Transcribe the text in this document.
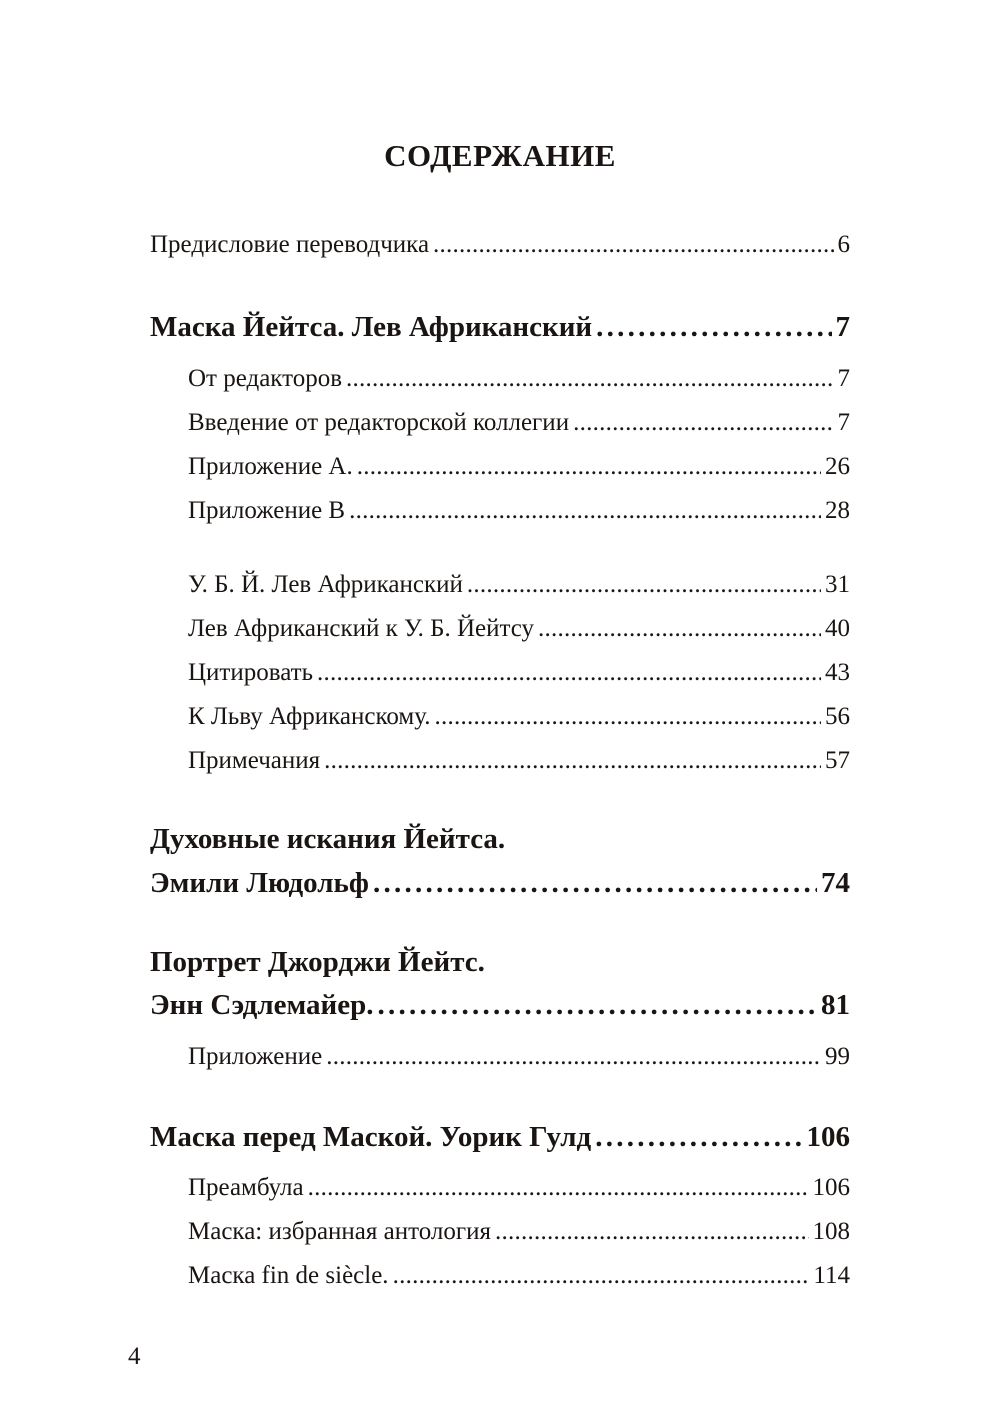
СОДЕРЖАНИЕ
Предисловие переводчика . . .	6
Маска Йейтса. Лев Африканский . . .	7
От редакторов . . .	7
Введение от редакторской коллегии . . .	7
Приложение A. . . .	26
Приложение B . . .	28
У. Б. Й. Лев Африканский . . .	31
Лев Африканский к У. Б. Йейтсу . . .	40
Цитировать . . .	43
К Льву Африканскому. . . .	56
Примечания . . .	57
Духовные искания Йейтса.
Эмили Людольф . . .	74
Портрет Джорджи Йейтс.
Энн Сэдлемайер. . . .	81
Приложение . . .	99
Маска перед Маской. Уорик Гулд . . .	106
Преамбула . . .	106
Маска: избранная антология . . .	108
Маска fin de siècle. . . .	114
4
